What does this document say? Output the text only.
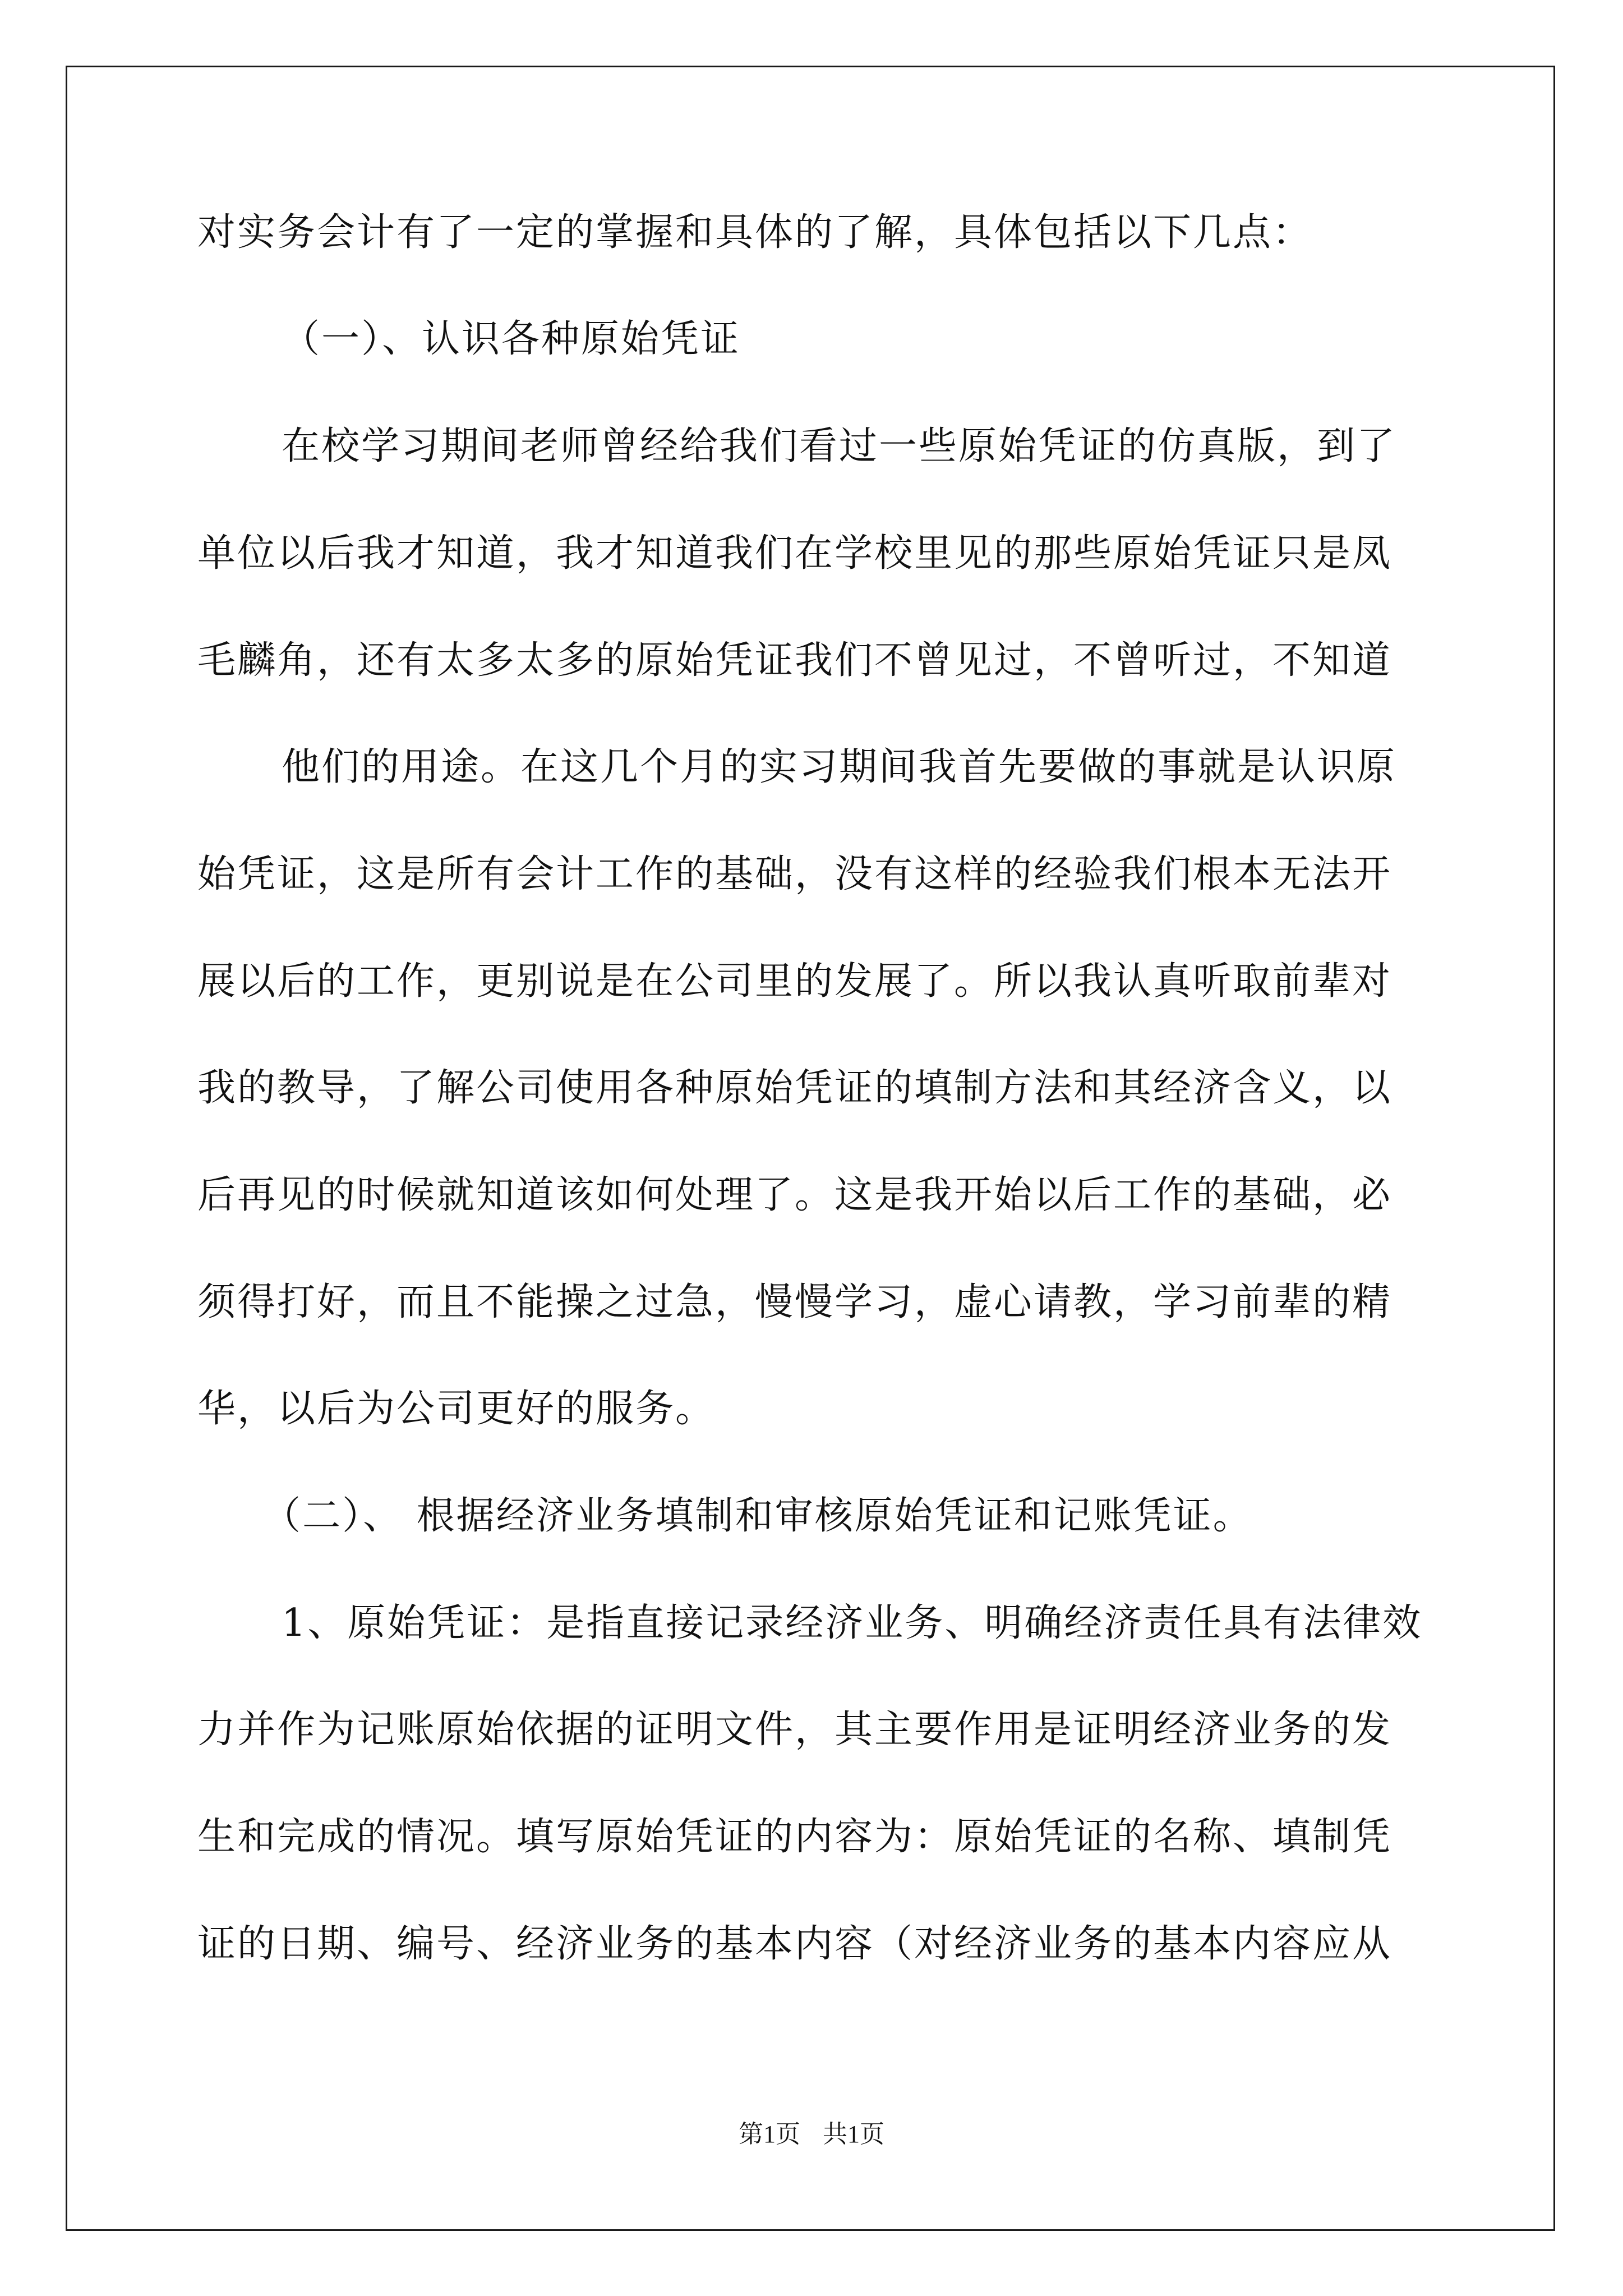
对实务会计有了一定的掌握和具体的了解，具体包括以下几点：
（一）、认识各种原始凭证
在校学习期间老师曾经给我们看过一些原始凭证的仿真版，到了
单位以后我才知道，我才知道我们在学校里见的那些原始凭证只是凤
毛麟角，还有太多太多的原始凭证我们不曾见过，不曾听过，不知道
他们的用途。在这几个月的实习期间我首先要做的事就是认识原
始凭证，这是所有会计工作的基础，没有这样的经验我们根本无法开
展以后的工作，更别说是在公司里的发展了。所以我认真听取前辈对
我的教导，了解公司使用各种原始凭证的填制方法和其经济含义，以
后再见的时候就知道该如何处理了。这是我开始以后工作的基础，必
须得打好，而且不能操之过急，慢慢学习，虚心请教，学习前辈的精
华，以后为公司更好的服务。
（二）、 根据经济业务填制和审核原始凭证和记账凭证。
1、原始凭证：是指直接记录经济业务、明确经济责任具有法律效
力并作为记账原始依据的证明文件，其主要作用是证明经济业务的发
生和完成的情况。填写原始凭证的内容为：原始凭证的名称、填制凭
证的日期、编号、经济业务的基本内容（对经济业务的基本内容应从
第1页 共1页
